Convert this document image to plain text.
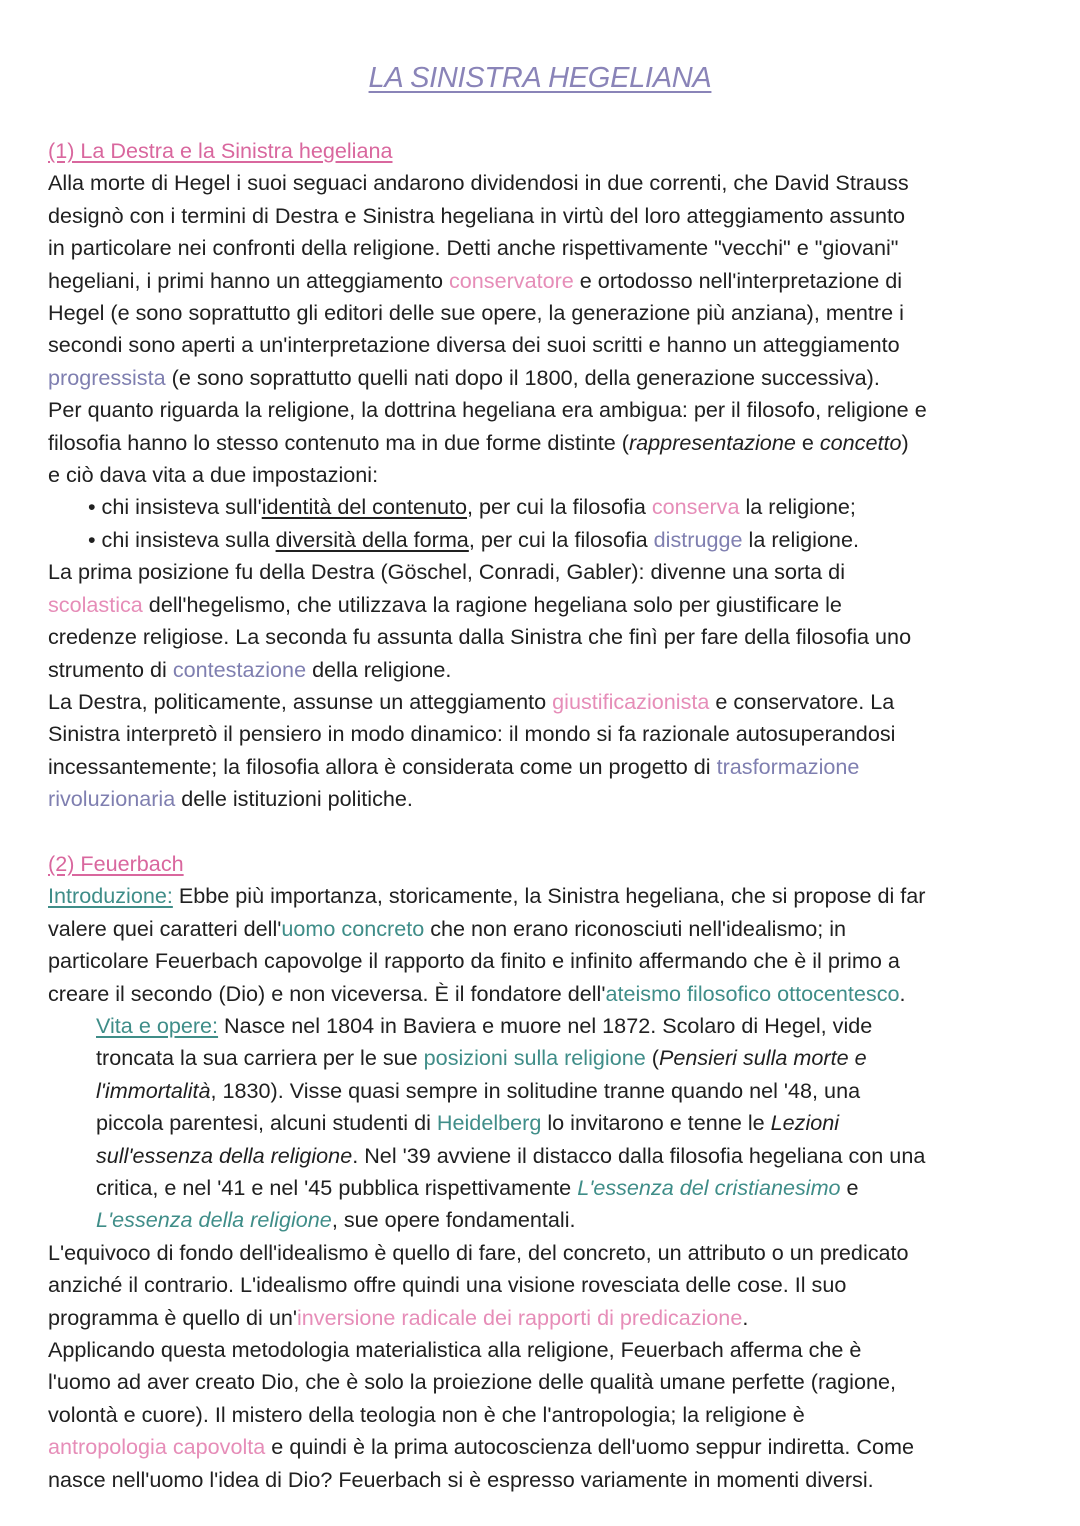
LA SINISTRA HEGELIANA
(1) La Destra e la Sinistra hegeliana
Alla morte di Hegel i suoi seguaci andarono dividendosi in due correnti, che David Strauss
designò con i termini di Destra e Sinistra hegeliana in virtù del loro atteggiamento assunto
in particolare nei confronti della religione. Detti anche rispettivamente "vecchi" e "giovani"
hegeliani, i primi hanno un atteggiamento conservatore e ortodosso nell'interpretazione di
Hegel (e sono soprattutto gli editori delle sue opere, la generazione più anziana), mentre i
secondi sono aperti a un'interpretazione diversa dei suoi scritti e hanno un atteggiamento
progressista (e sono soprattutto quelli nati dopo il 1800, della generazione successiva).
Per quanto riguarda la religione, la dottrina hegeliana era ambigua: per il filosofo, religione e
filosofia hanno lo stesso contenuto ma in due forme distinte (rappresentazione e concetto)
e ciò dava vita a due impostazioni:
• chi insisteva sull'identità del contenuto, per cui la filosofia conserva la religione;
• chi insisteva sulla diversità della forma, per cui la filosofia distrugge la religione.
La prima posizione fu della Destra (Göschel, Conradi, Gabler): divenne una sorta di
scolastica dell'hegelismo, che utilizzava la ragione hegeliana solo per giustificare le
credenze religiose. La seconda fu assunta dalla Sinistra che finì per fare della filosofia uno
strumento di contestazione della religione.
La Destra, politicamente, assunse un atteggiamento giustificazionista e conservatore. La
Sinistra interpretò il pensiero in modo dinamico: il mondo si fa razionale autosuperandosi
incessantemente; la filosofia allora è considerata come un progetto di trasformazione
rivoluzionaria delle istituzioni politiche.
(2) Feuerbach
Introduzione: Ebbe più importanza, storicamente, la Sinistra hegeliana, che si propose di far
valere quei caratteri dell'uomo concreto che non erano riconosciuti nell'idealismo; in
particolare Feuerbach capovolge il rapporto da finito e infinito affermando che è il primo a
creare il secondo (Dio) e non viceversa. È il fondatore dell'ateismo filosofico ottocentesco.
Vita e opere: Nasce nel 1804 in Baviera e muore nel 1872. Scolaro di Hegel, vide
troncata la sua carriera per le sue posizioni sulla religione (Pensieri sulla morte e
l'immortalità, 1830). Visse quasi sempre in solitudine tranne quando nel '48, una
piccola parentesi, alcuni studenti di Heidelberg lo invitarono e tenne le Lezioni
sull'essenza della religione. Nel '39 avviene il distacco dalla filosofia hegeliana con una
critica, e nel '41 e nel '45 pubblica rispettivamente L'essenza del cristianesimo e
L'essenza della religione, sue opere fondamentali.
L'equivoco di fondo dell'idealismo è quello di fare, del concreto, un attributo o un predicato
anziché il contrario. L'idealismo offre quindi una visione rovesciata delle cose. Il suo
programma è quello di un'inversione radicale dei rapporti di predicazione.
Applicando questa metodologia materialistica alla religione, Feuerbach afferma che è
l'uomo ad aver creato Dio, che è solo la proiezione delle qualità umane perfette (ragione,
volontà e cuore). Il mistero della teologia non è che l'antropologia; la religione è
antropologia capovolta e quindi è la prima autocoscienza dell'uomo seppur indiretta. Come
nasce nell'uomo l'idea di Dio? Feuerbach si è espresso variamente in momenti diversi.
